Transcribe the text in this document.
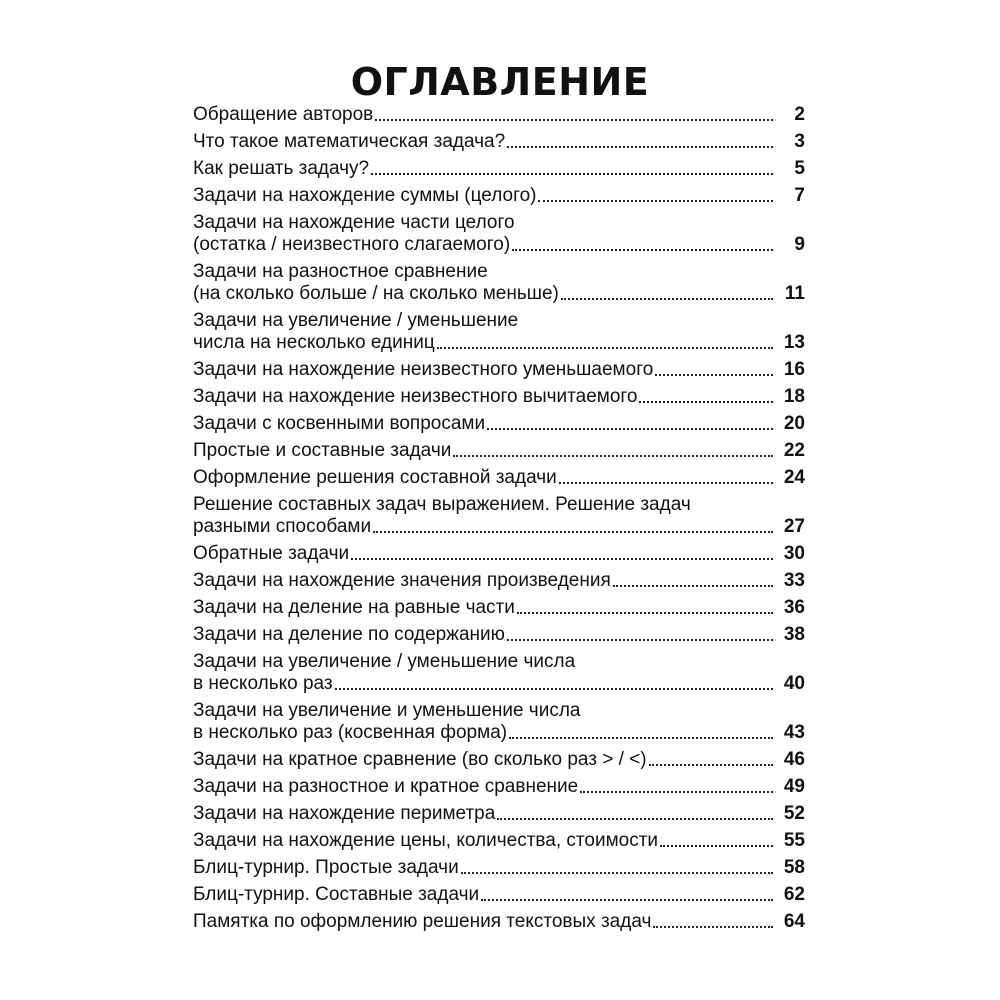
ОГЛАВЛЕНИЕ
Обращение авторов	2
Что такое математическая задача?	3
Как решать задачу?	5
Задачи на нахождение суммы (целого)	7
Задачи на нахождение части целого
(остатка / неизвестного слагаемого)	9
Задачи на разностное сравнение
(на сколько больше / на сколько меньше)	11
Задачи на увеличение / уменьшение
числа на несколько единиц	13
Задачи на нахождение неизвестного уменьшаемого	16
Задачи на нахождение неизвестного вычитаемого	18
Задачи с косвенными вопросами	20
Простые и составные задачи	22
Оформление решения составной задачи	24
Решение составных задач выражением. Решение задач
разными способами	27
Обратные задачи	30
Задачи на нахождение значения произведения	33
Задачи на деление на равные части	36
Задачи на деление по содержанию	38
Задачи на увеличение / уменьшение числа
в несколько раз	40
Задачи на увеличение и уменьшение числа
в несколько раз (косвенная форма)	43
Задачи на кратное сравнение (во сколько раз > / <)	46
Задачи на разностное и кратное сравнение	49
Задачи на нахождение периметра	52
Задачи на нахождение цены, количества, стоимости	55
Блиц-турнир. Простые задачи	58
Блиц-турнир. Составные задачи	62
Памятка по оформлению решения текстовых задач	64
